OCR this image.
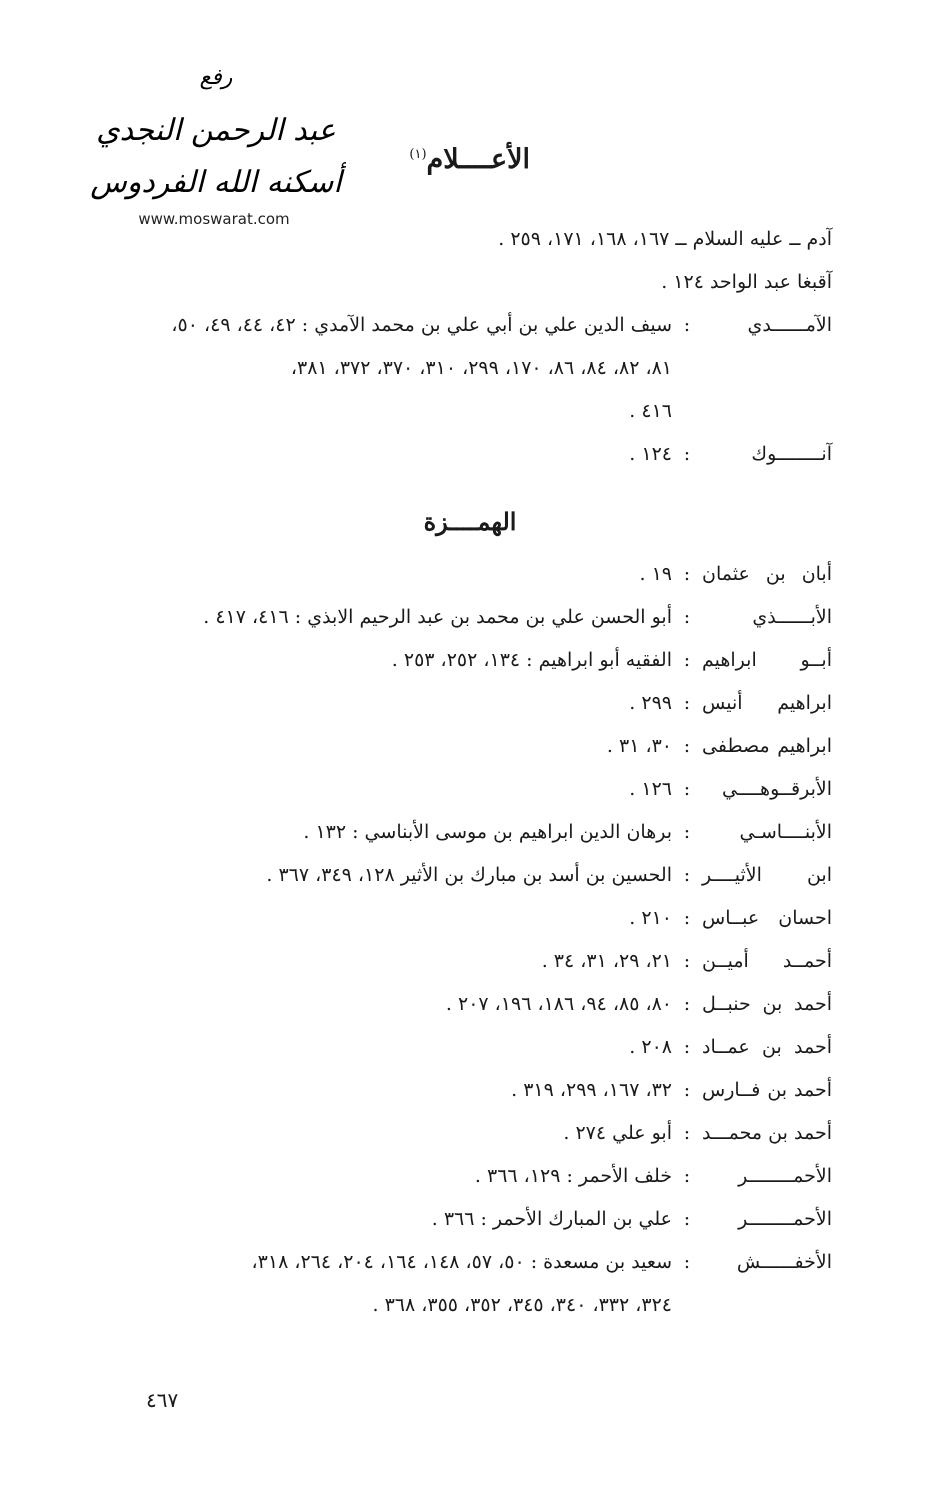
رفع
عبد الرحمن النجدي
أسكنه الله الفردوس
www.moswarat.com
الأعــــلام$^{(١)}$
آدم ــ عليه السلام ــ ١٦٧، ١٦٨، ١٧١، ٢٥٩ .
آقبغا عبد الواحد ١٢٤ .
الآمــــــدي
:
سيف الدين علي بن أبي علي بن محمد الآمدي : ٤٢، ٤٤، ٤٩، ٥٠،
٨١، ٨٢، ٨٤، ٨٦، ١٧٠، ٢٩٩، ٣١٠، ٣٧٠، ٣٧٢، ٣٨١،
٤١٦ .
آنــــــــوك
:
١٢٤ .
الهمــــزة
أبان بن عثمان
:
١٩ .
الأبــــــذي
:
أبو الحسن علي بن محمد بن عبد الرحيم الابذي : ٤١٦، ٤١٧ .
أبــو ابراهيم
:
الفقيه أبو ابراهيم : ١٣٤، ٢٥٢، ٢٥٣ .
ابراهيم أنيس
:
٢٩٩ .
ابراهيم مصطفى
:
٣٠، ٣١ .
الأبرقــوهــــي
:
١٢٦ .
الأبنــــاسـي
:
برهان الدين ابراهيم بن موسى الأبناسي : ١٣٢ .
ابن الأثيــــر
:
الحسين بن أسد بن مبارك بن الأثير ١٢٨، ٣٤٩، ٣٦٧ .
احسان عبــاس
:
٢١٠ .
أحمــد أميــن
:
٢١، ٢٩، ٣١، ٣٤ .
أحمد بن حنبــل
:
٨٠، ٨٥، ٩٤، ١٨٦، ١٩٦، ٢٠٧ .
أحمد بن عمــاد
:
٢٠٨ .
أحمد بن فــارس
:
٣٢، ١٦٧، ٢٩٩، ٣١٩ .
أحمد بن محمـــد
:
أبو علي ٢٧٤ .
الأحمــــــــر
:
خلف الأحمر : ١٢٩، ٣٦٦ .
الأحمــــــــر
:
علي بن المبارك الأحمر : ٣٦٦ .
الأخفــــــش
:
سعيد بن مسعدة : ٥٠، ٥٧، ١٤٨، ١٦٤، ٢٠٤، ٢٦٤، ٣١٨،
٣٢٤، ٣٣٢، ٣٤٠، ٣٤٥، ٣٥٢، ٣٥٥، ٣٦٨ .
٤٦٧
